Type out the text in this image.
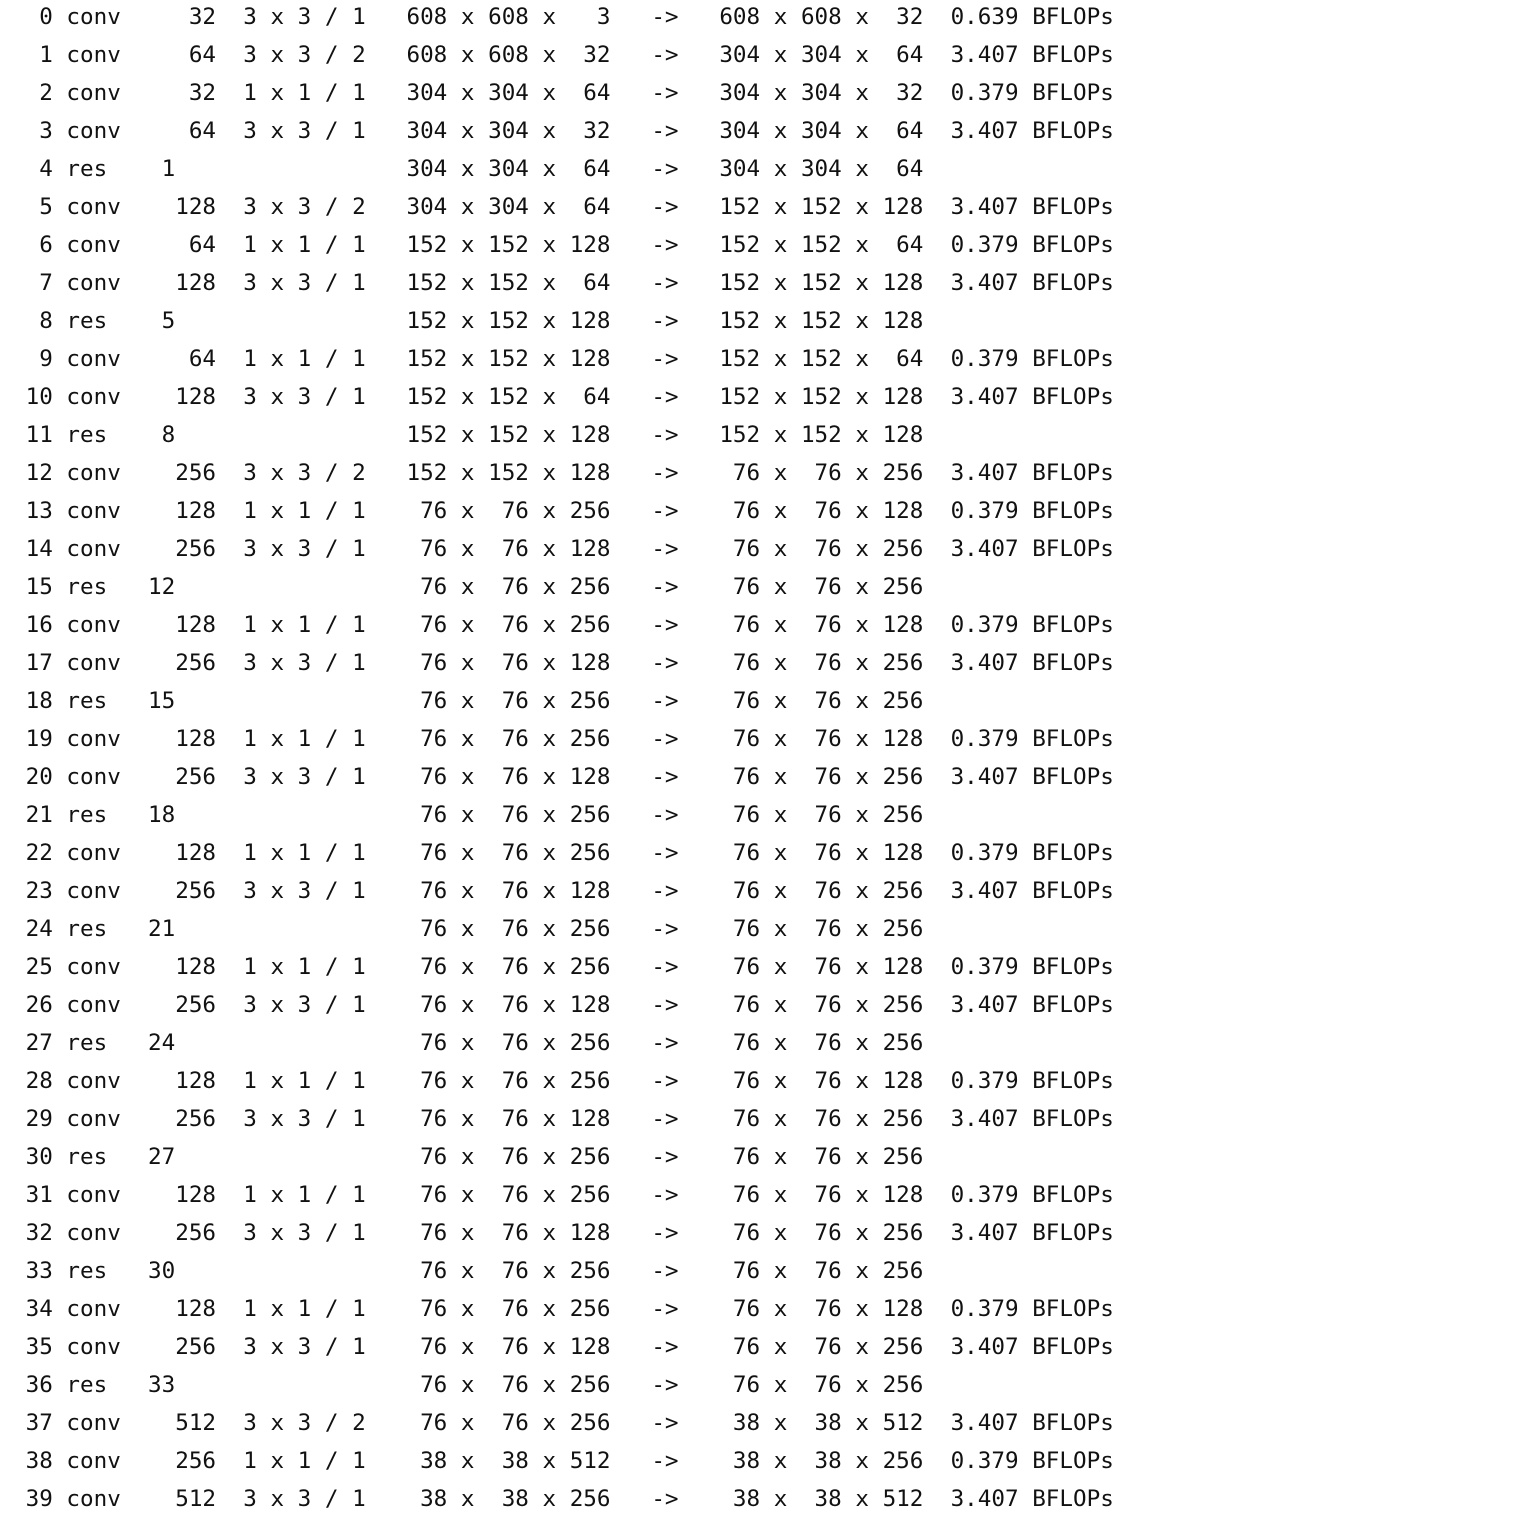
0 conv     32  3 x 3 / 1   608 x 608 x   3   ->   608 x 608 x  32  0.639 BFLOPs
1 conv     64  3 x 3 / 2   608 x 608 x  32   ->   304 x 304 x  64  3.407 BFLOPs
2 conv     32  1 x 1 / 1   304 x 304 x  64   ->   304 x 304 x  32  0.379 BFLOPs
3 conv     64  3 x 3 / 1   304 x 304 x  32   ->   304 x 304 x  64  3.407 BFLOPs
4 res    1                 304 x 304 x  64   ->   304 x 304 x  64
5 conv    128  3 x 3 / 2   304 x 304 x  64   ->   152 x 152 x 128  3.407 BFLOPs
6 conv     64  1 x 1 / 1   152 x 152 x 128   ->   152 x 152 x  64  0.379 BFLOPs
7 conv    128  3 x 3 / 1   152 x 152 x  64   ->   152 x 152 x 128  3.407 BFLOPs
8 res    5                 152 x 152 x 128   ->   152 x 152 x 128
9 conv     64  1 x 1 / 1   152 x 152 x 128   ->   152 x 152 x  64  0.379 BFLOPs
10 conv    128  3 x 3 / 1   152 x 152 x  64   ->   152 x 152 x 128  3.407 BFLOPs
11 res    8                 152 x 152 x 128   ->   152 x 152 x 128
12 conv    256  3 x 3 / 2   152 x 152 x 128   ->    76 x  76 x 256  3.407 BFLOPs
13 conv    128  1 x 1 / 1    76 x  76 x 256   ->    76 x  76 x 128  0.379 BFLOPs
14 conv    256  3 x 3 / 1    76 x  76 x 128   ->    76 x  76 x 256  3.407 BFLOPs
15 res   12                  76 x  76 x 256   ->    76 x  76 x 256
16 conv    128  1 x 1 / 1    76 x  76 x 256   ->    76 x  76 x 128  0.379 BFLOPs
17 conv    256  3 x 3 / 1    76 x  76 x 128   ->    76 x  76 x 256  3.407 BFLOPs
18 res   15                  76 x  76 x 256   ->    76 x  76 x 256
19 conv    128  1 x 1 / 1    76 x  76 x 256   ->    76 x  76 x 128  0.379 BFLOPs
20 conv    256  3 x 3 / 1    76 x  76 x 128   ->    76 x  76 x 256  3.407 BFLOPs
21 res   18                  76 x  76 x 256   ->    76 x  76 x 256
22 conv    128  1 x 1 / 1    76 x  76 x 256   ->    76 x  76 x 128  0.379 BFLOPs
23 conv    256  3 x 3 / 1    76 x  76 x 128   ->    76 x  76 x 256  3.407 BFLOPs
24 res   21                  76 x  76 x 256   ->    76 x  76 x 256
25 conv    128  1 x 1 / 1    76 x  76 x 256   ->    76 x  76 x 128  0.379 BFLOPs
26 conv    256  3 x 3 / 1    76 x  76 x 128   ->    76 x  76 x 256  3.407 BFLOPs
27 res   24                  76 x  76 x 256   ->    76 x  76 x 256
28 conv    128  1 x 1 / 1    76 x  76 x 256   ->    76 x  76 x 128  0.379 BFLOPs
29 conv    256  3 x 3 / 1    76 x  76 x 128   ->    76 x  76 x 256  3.407 BFLOPs
30 res   27                  76 x  76 x 256   ->    76 x  76 x 256
31 conv    128  1 x 1 / 1    76 x  76 x 256   ->    76 x  76 x 128  0.379 BFLOPs
32 conv    256  3 x 3 / 1    76 x  76 x 128   ->    76 x  76 x 256  3.407 BFLOPs
33 res   30                  76 x  76 x 256   ->    76 x  76 x 256
34 conv    128  1 x 1 / 1    76 x  76 x 256   ->    76 x  76 x 128  0.379 BFLOPs
35 conv    256  3 x 3 / 1    76 x  76 x 128   ->    76 x  76 x 256  3.407 BFLOPs
36 res   33                  76 x  76 x 256   ->    76 x  76 x 256
37 conv    512  3 x 3 / 2    76 x  76 x 256   ->    38 x  38 x 512  3.407 BFLOPs
38 conv    256  1 x 1 / 1    38 x  38 x 512   ->    38 x  38 x 256  0.379 BFLOPs
39 conv    512  3 x 3 / 1    38 x  38 x 256   ->    38 x  38 x 512  3.407 BFLOPs
